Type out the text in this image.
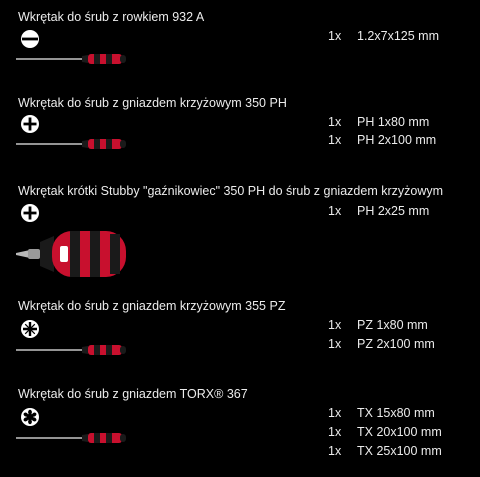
Wkrętak do śrub z rowkiem 932 A
1x 1.2x7x125 mm
Wkrętak do śrub z gniazdem krzyżowym 350 PH
1x PH 1x80 mm
1x PH 2x100 mm
Wkrętak krótki Stubby "gaźnikowiec" 350 PH do śrub z gniazdem krzyżowym
1x PH 2x25 mm
Wkrętak do śrub z gniazdem krzyżowym 355 PZ
1x PZ 1x80 mm
1x PZ 2x100 mm
Wkrętak do śrub z gniazdem TORX® 367
1x TX 15x80 mm
1x TX 20x100 mm
1x TX 25x100 mm
